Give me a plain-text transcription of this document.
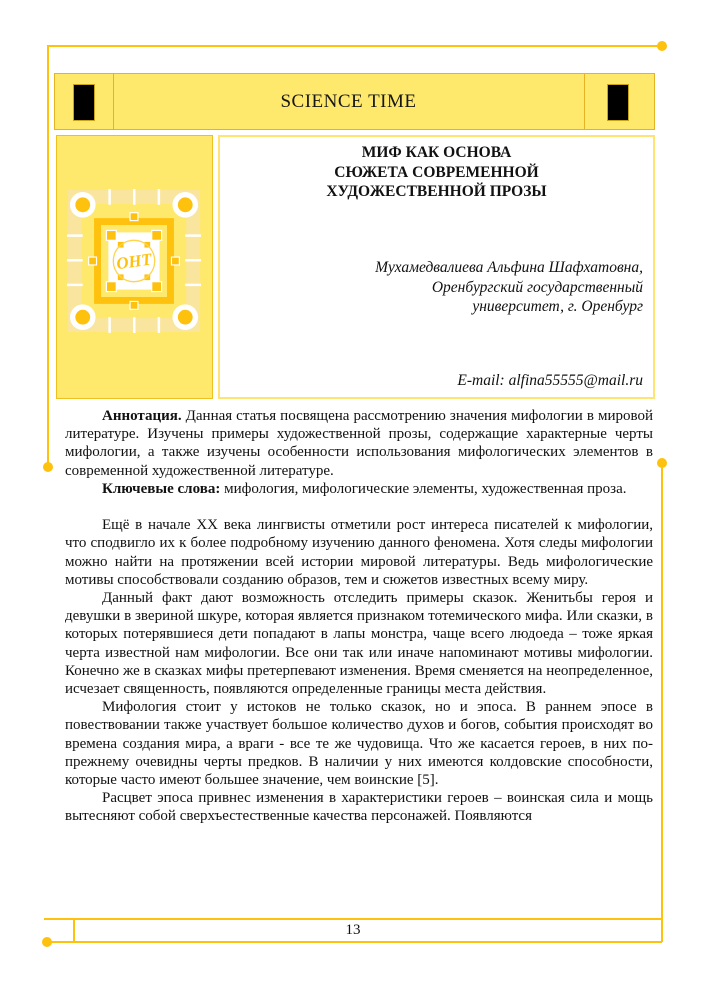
SCIENCE TIME
ОНТ
МИФ КАК ОСНОВА
СЮЖЕТА СОВРЕМЕННОЙ
ХУДОЖЕСТВЕННОЙ ПРОЗЫ
Мухамедвалиева Альфина Шафхатовна,
Оренбургский государственный
университет, г. Оренбург
E-mail: alfina55555@mail.ru

Аннотация. Данная статья посвящена рассмотрению значения мифологии в мировой литературе. Изучены примеры художественной прозы, содержащие характерные черты мифологии, а также изучены особенности использования мифологических элементов в современной художественной литературе.

Ключевые слова: мифология, мифологические элементы, художественная проза.

Ещё в начале XX века лингвисты отметили рост интереса писателей к мифологии, что сподвигло их к более подробному изучению данного феномена. Хотя следы мифологии можно найти на протяжении всей истории мировой литературы. Ведь мифологические мотивы способствовали созданию образов, тем и сюжетов известных всему миру.

Данный факт дают возможность отследить примеры сказок. Женитьбы героя и девушки в звериной шкуре, которая является признаком тотемического мифа. Или сказки, в которых потерявшиеся дети попадают в лапы монстра, чаще всего людоеда – тоже яркая черта известной нам мифологии. Все они так или иначе напоминают мотивы мифологии. Конечно же в сказках мифы претерпевают изменения. Время сменяется на неопределенное, исчезает священность, появляются определенные границы места действия.

Мифология стоит у истоков не только сказок, но и эпоса. В раннем эпосе в повествовании также участвует большое количество духов и богов, события происходят во времена создания мира, а враги - все те же чудовища. Что же касается героев, в них по-прежнему очевидны черты предков. В наличии у них имеются колдовские способности, которые часто имеют большее значение, чем воинские [5].

Расцвет эпоса привнес изменения в характеристики героев – воинская сила и мощь вытесняют собой сверхъестественные качества персонажей. Появляются

13
